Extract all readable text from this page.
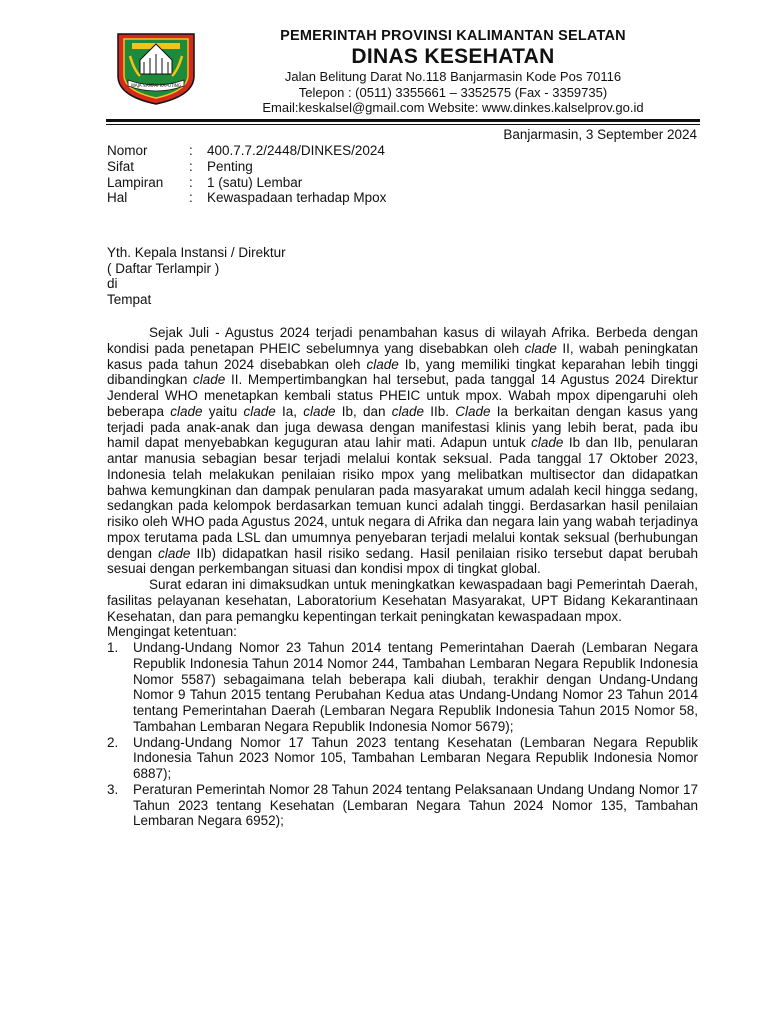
WAJA SAMPAI KAPUTING
PEMERINTAH PROVINSI KALIMANTAN SELATAN
DINAS KESEHATAN
Jalan Belitung Darat No.118 Banjarmasin Kode Pos 70116
Telepon : (0511) 3355661 – 3352575 (Fax - 3359735)
Email:keskalsel@gmail.com Website: www.dinkes.kalselprov.go.id
Banjarmasin, 3 September 2024
Nomor	:	400.7.7.2/2448/DINKES/2024
Sifat	:	Penting
Lampiran	:	1 (satu) Lembar
Hal	:	Kewaspadaan terhadap Mpox
Yth. Kepala Instansi / Direktur
( Daftar Terlampir )
di
Tempat

Sejak Juli - Agustus 2024 terjadi penambahan kasus di wilayah Afrika. Berbeda dengan kondisi pada penetapan PHEIC sebelumnya yang disebabkan oleh clade II, wabah peningkatan kasus pada tahun 2024 disebabkan oleh clade Ib, yang memiliki tingkat keparahan lebih tinggi dibandingkan clade II. Mempertimbangkan hal tersebut, pada tanggal 14 Agustus 2024 Direktur Jenderal WHO menetapkan kembali status PHEIC untuk mpox. Wabah mpox dipengaruhi oleh beberapa clade yaitu clade Ia, clade Ib, dan clade IIb. Clade Ia berkaitan dengan kasus yang terjadi pada anak-anak dan juga dewasa dengan manifestasi klinis yang lebih berat, pada ibu hamil dapat menyebabkan keguguran atau lahir mati. Adapun untuk clade Ib dan IIb, penularan antar manusia sebagian besar terjadi melalui kontak seksual. Pada tanggal 17 Oktober 2023, Indonesia telah melakukan penilaian risiko mpox yang melibatkan multisector dan didapatkan bahwa kemungkinan dan dampak penularan pada masyarakat umum adalah kecil hingga sedang, sedangkan pada kelompok berdasarkan temuan kunci adalah tinggi. Berdasarkan hasil penilaian risiko oleh WHO pada Agustus 2024, untuk negara di Afrika dan negara lain yang wabah terjadinya mpox terutama pada LSL dan umumnya penyebaran terjadi melalui kontak seksual (berhubungan dengan clade IIb) didapatkan hasil risiko sedang. Hasil penilaian risiko tersebut dapat berubah sesuai dengan perkembangan situasi dan kondisi mpox di tingkat global.

Surat edaran ini dimaksudkan untuk meningkatkan kewaspadaan bagi Pemerintah Daerah, fasilitas pelayanan kesehatan, Laboratorium Kesehatan Masyarakat, UPT Bidang Kekarantinaan Kesehatan, dan para pemangku kepentingan terkait peningkatan kewaspadaan mpox.

Mengingat ketentuan:

1.	Undang-Undang Nomor 23 Tahun 2014 tentang Pemerintahan Daerah (Lembaran Negara Republik Indonesia Tahun 2014 Nomor 244, Tambahan Lembaran Negara Republik Indonesia Nomor 5587) sebagaimana telah beberapa kali diubah, terakhir dengan Undang-Undang Nomor 9 Tahun 2015 tentang Perubahan Kedua atas Undang-Undang Nomor 23 Tahun 2014 tentang Pemerintahan Daerah (Lembaran Negara Republik Indonesia Tahun 2015 Nomor 58, Tambahan Lembaran Negara Republik Indonesia Nomor 5679);
2.	Undang-Undang Nomor 17 Tahun 2023 tentang Kesehatan (Lembaran Negara Republik Indonesia Tahun 2023 Nomor 105, Tambahan Lembaran Negara Republik Indonesia Nomor 6887);
3.	Peraturan Pemerintah Nomor 28 Tahun 2024 tentang Pelaksanaan Undang Undang Nomor 17 Tahun 2023 tentang Kesehatan (Lembaran Negara Tahun 2024 Nomor 135, Tambahan Lembaran Negara 6952);
